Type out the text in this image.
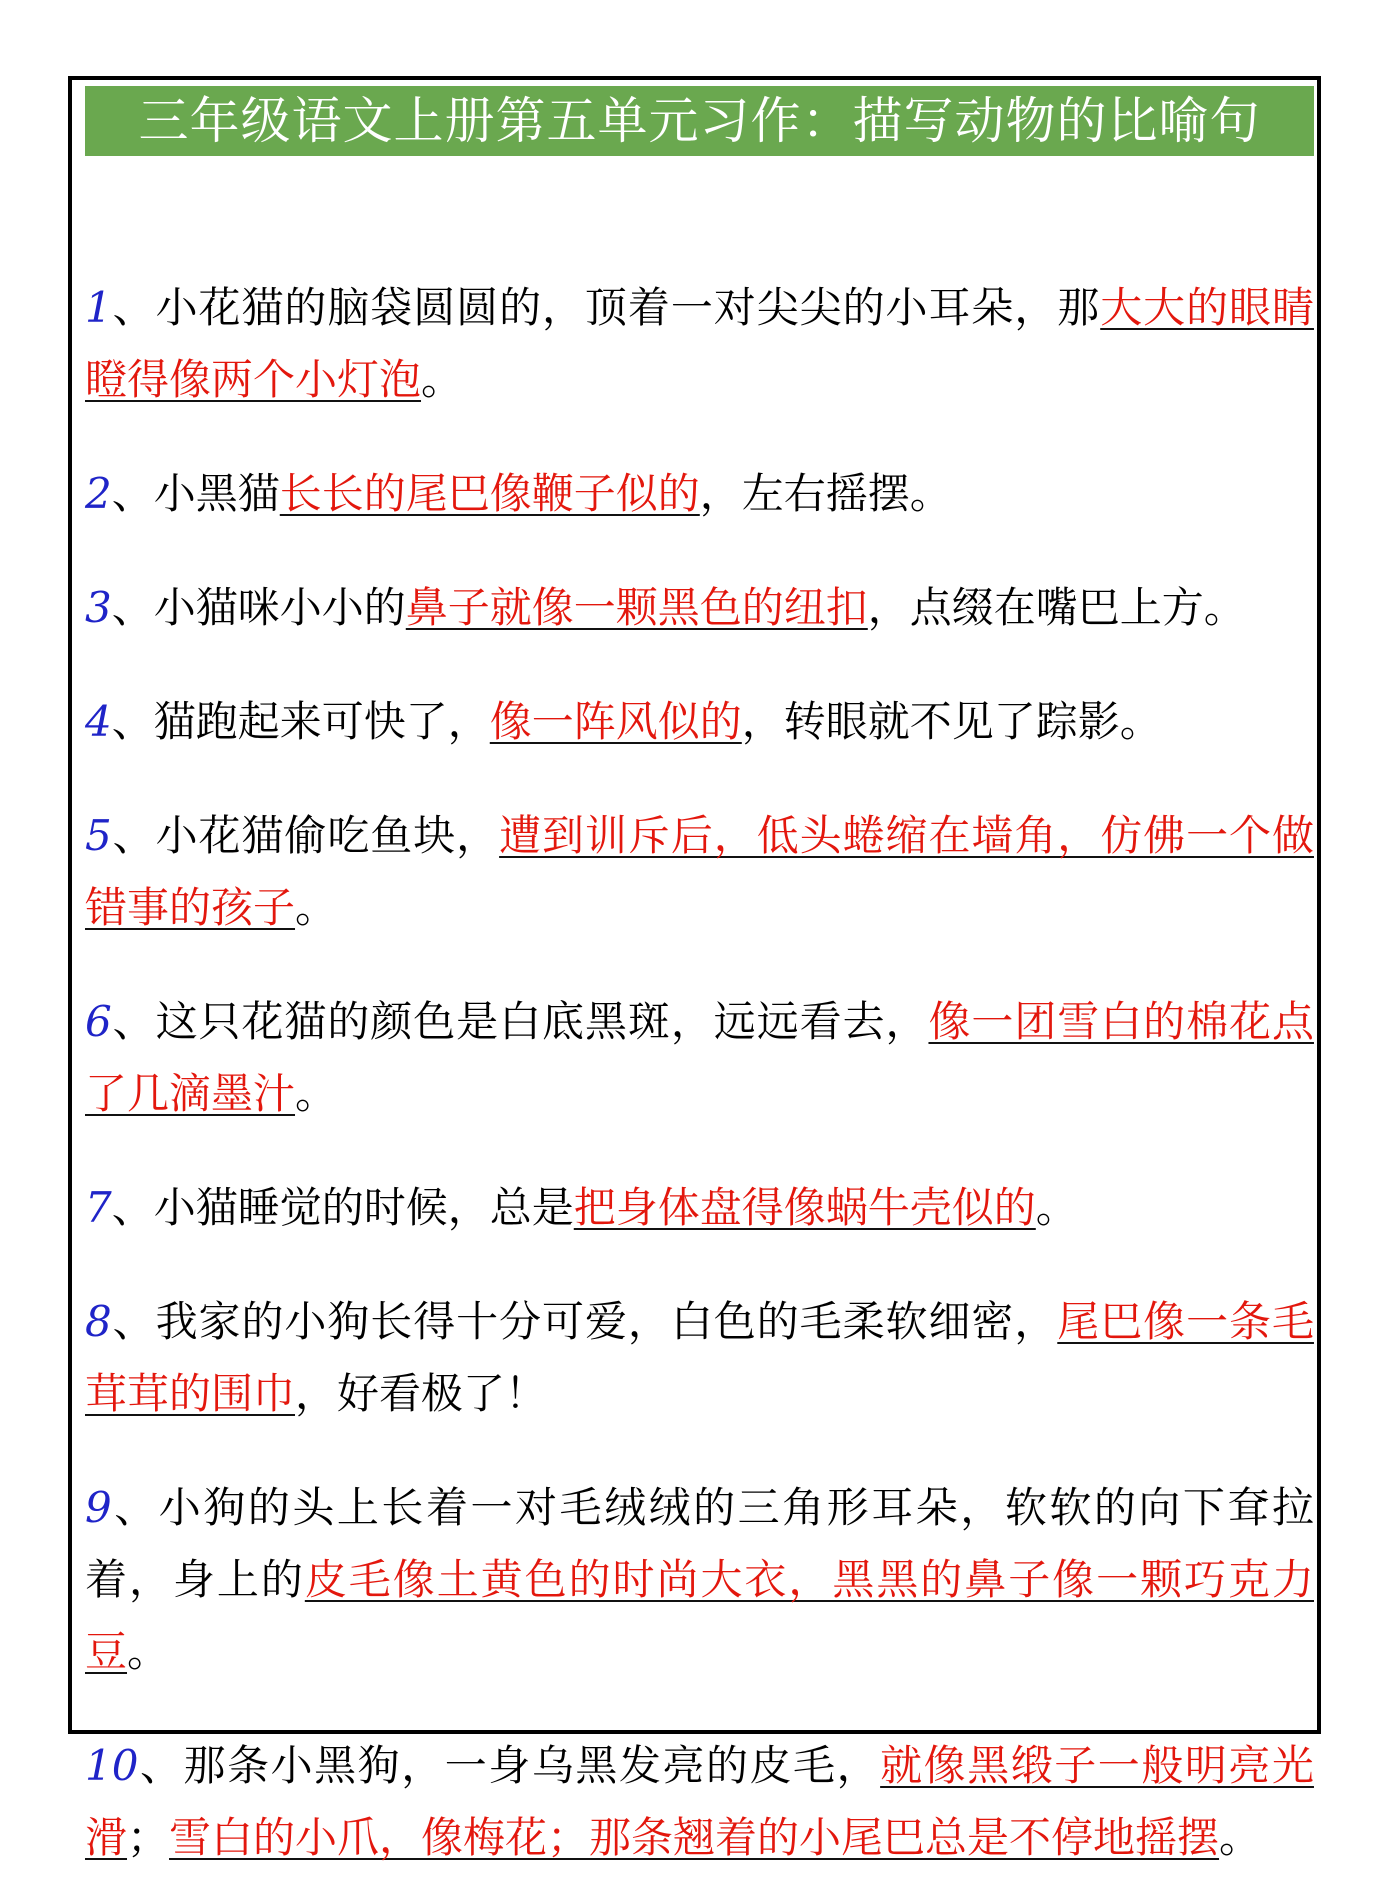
三年级语文上册第五单元习作：描写动物的比喻句

1、小花猫的脑袋圆圆的，顶着一对尖尖的小耳朵，那大大的眼睛瞪得像两个小灯泡。

2、小黑猫长长的尾巴像鞭子似的，左右摇摆。

3、小猫咪小小的鼻子就像一颗黑色的纽扣，点缀在嘴巴上方。

4、猫跑起来可快了，像一阵风似的，转眼就不见了踪影。

5、小花猫偷吃鱼块，遭到训斥后，低头蜷缩在墙角，仿佛一个做错事的孩子。

6、这只花猫的颜色是白底黑斑，远远看去，像一团雪白的棉花点了几滴墨汁。

7、小猫睡觉的时候，总是把身体盘得像蜗牛壳似的。

8、我家的小狗长得十分可爱，白色的毛柔软细密，尾巴像一条毛茸茸的围巾，好看极了！

9、小狗的头上长着一对毛绒绒的三角形耳朵，软软的向下耷拉着，身上的皮毛像土黄色的时尚大衣，黑黑的鼻子像一颗巧克力豆。

10、那条小黑狗，一身乌黑发亮的皮毛，就像黑缎子一般明亮光滑；雪白的小爪，像梅花；那条翘着的小尾巴总是不停地摇摆。
